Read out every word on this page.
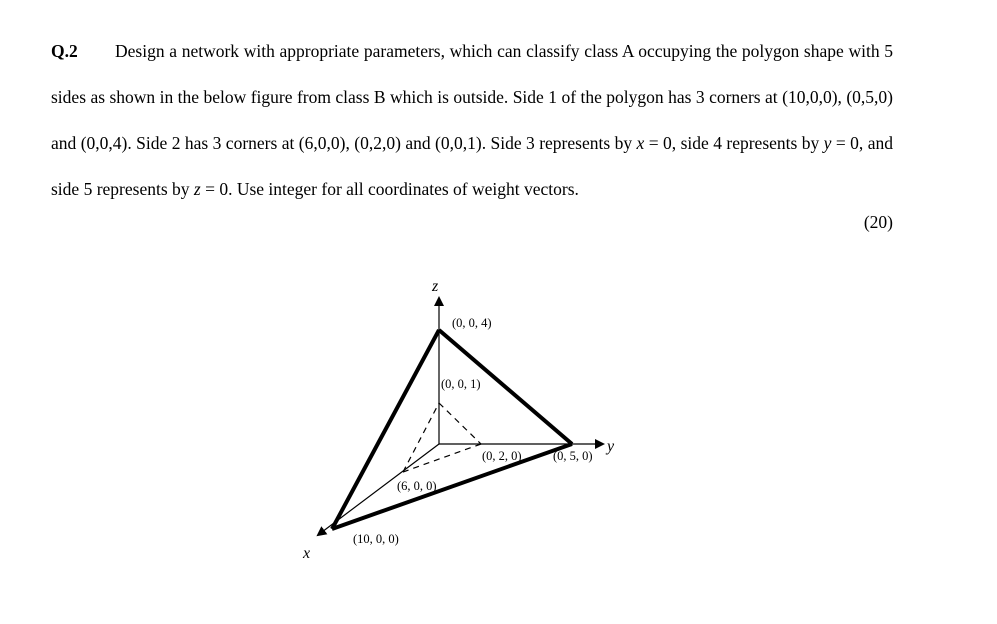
Q.2 Design a network with appropriate parameters, which can classify class A occupying the polygon shape with 5 sides as shown in the below figure from class B which is outside. Side 1 of the polygon has 3 corners at (10,0,0), (0,5,0) and (0,0,4). Side 2 has 3 corners at (6,0,0), (0,2,0) and (0,0,1). Side 3 represents by x = 0, side 4 represents by y = 0, and side 5 represents by z = 0. Use integer for all coordinates of weight vectors.
(20)
z
y
x
(0, 0, 4)
(0, 0, 1)
(0, 2, 0)	(0, 5, 0)
(6, 0, 0)
(10, 0, 0)
